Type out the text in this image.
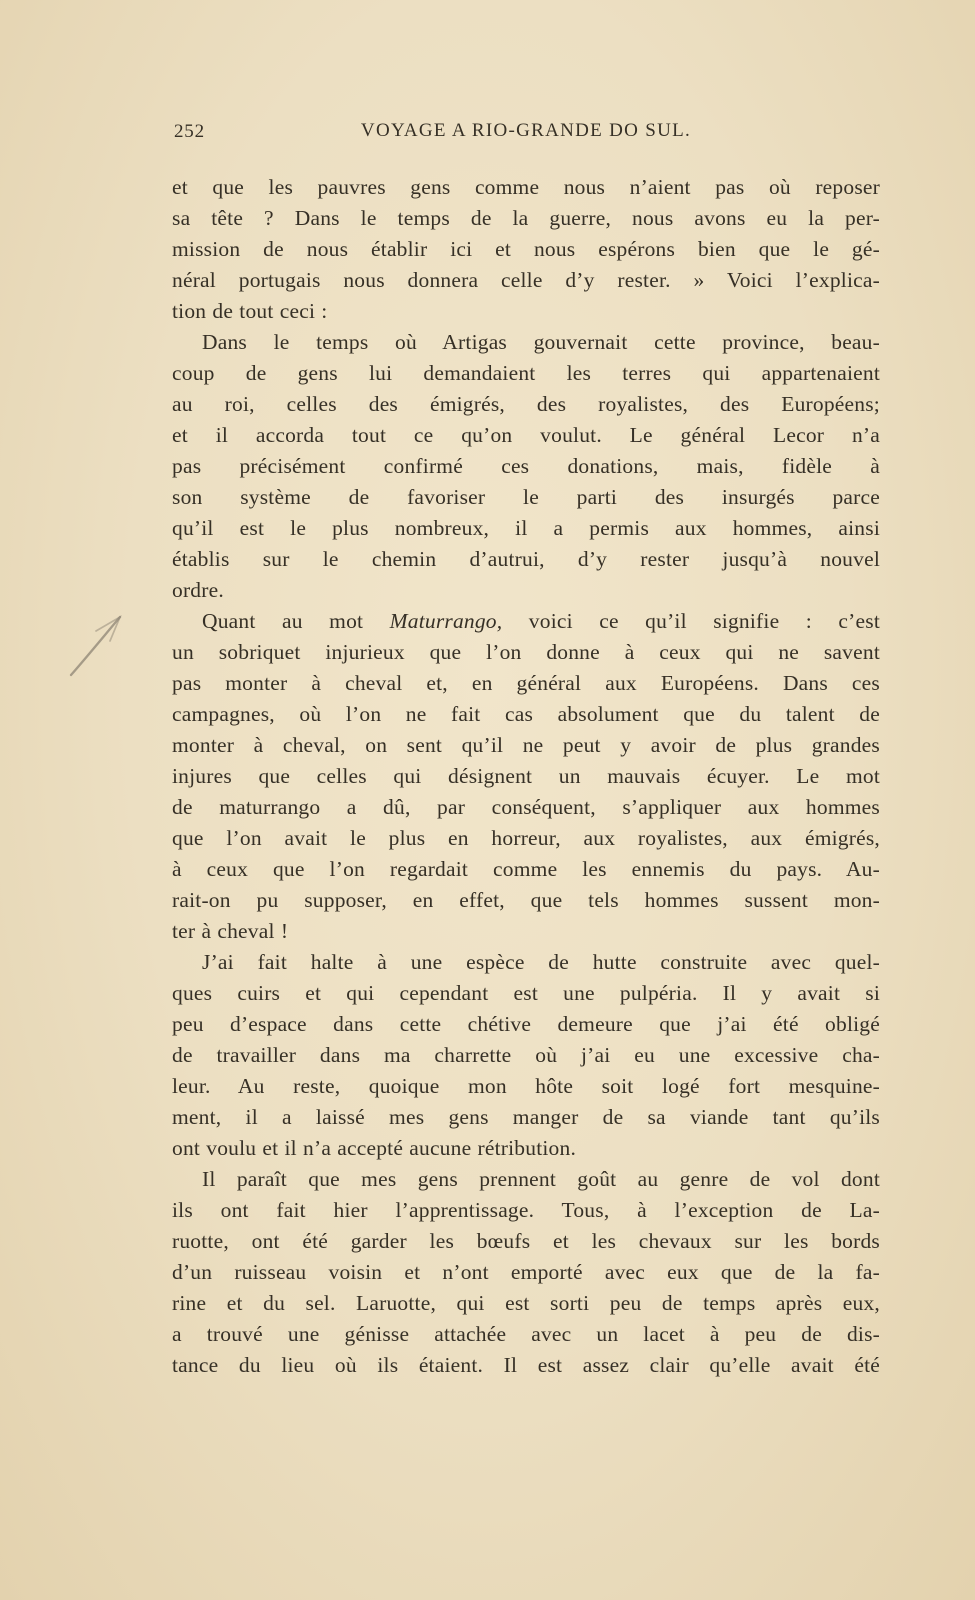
252	VOYAGE A RIO-GRANDE DO SUL.

et que les pauvres gens comme nous n’aient pas où reposer
sa tête ? Dans le temps de la guerre, nous avons eu la per-
mission de nous établir ici et nous espérons bien que le gé-
néral portugais nous donnera celle d’y rester. » Voici l’explica-
tion de tout ceci :

Dans le temps où Artigas gouvernait cette province, beau-
coup de gens lui demandaient les terres qui appartenaient
au roi, celles des émigrés, des royalistes, des Européens;
et il accorda tout ce qu’on voulut. Le général Lecor n’a
pas précisément confirmé ces donations, mais, fidèle à
son système de favoriser le parti des insurgés parce
qu’il est le plus nombreux, il a permis aux hommes, ainsi
établis sur le chemin d’autrui, d’y rester jusqu’à nouvel
ordre.

Quant au mot Maturrango, voici ce qu’il signifie : c’est
un sobriquet injurieux que l’on donne à ceux qui ne savent
pas monter à cheval et, en général aux Européens. Dans ces
campagnes, où l’on ne fait cas absolument que du talent de
monter à cheval, on sent qu’il ne peut y avoir de plus grandes
injures que celles qui désignent un mauvais écuyer. Le mot
de maturrango a dû, par conséquent, s’appliquer aux hommes
que l’on avait le plus en horreur, aux royalistes, aux émigrés,
à ceux que l’on regardait comme les ennemis du pays. Au-
rait-on pu supposer, en effet, que tels hommes sussent mon-
ter à cheval !

J’ai fait halte à une espèce de hutte construite avec quel-
ques cuirs et qui cependant est une pulpéria. Il y avait si
peu d’espace dans cette chétive demeure que j’ai été obligé
de travailler dans ma charrette où j’ai eu une excessive cha-
leur. Au reste, quoique mon hôte soit logé fort mesquine-
ment, il a laissé mes gens manger de sa viande tant qu’ils
ont voulu et il n’a accepté aucune rétribution.

Il paraît que mes gens prennent goût au genre de vol dont
ils ont fait hier l’apprentissage. Tous, à l’exception de La-
ruotte, ont été garder les bœufs et les chevaux sur les bords
d’un ruisseau voisin et n’ont emporté avec eux que de la fa-
rine et du sel. Laruotte, qui est sorti peu de temps après eux,
a trouvé une génisse attachée avec un lacet à peu de dis-
tance du lieu où ils étaient. Il est assez clair qu’elle avait été
